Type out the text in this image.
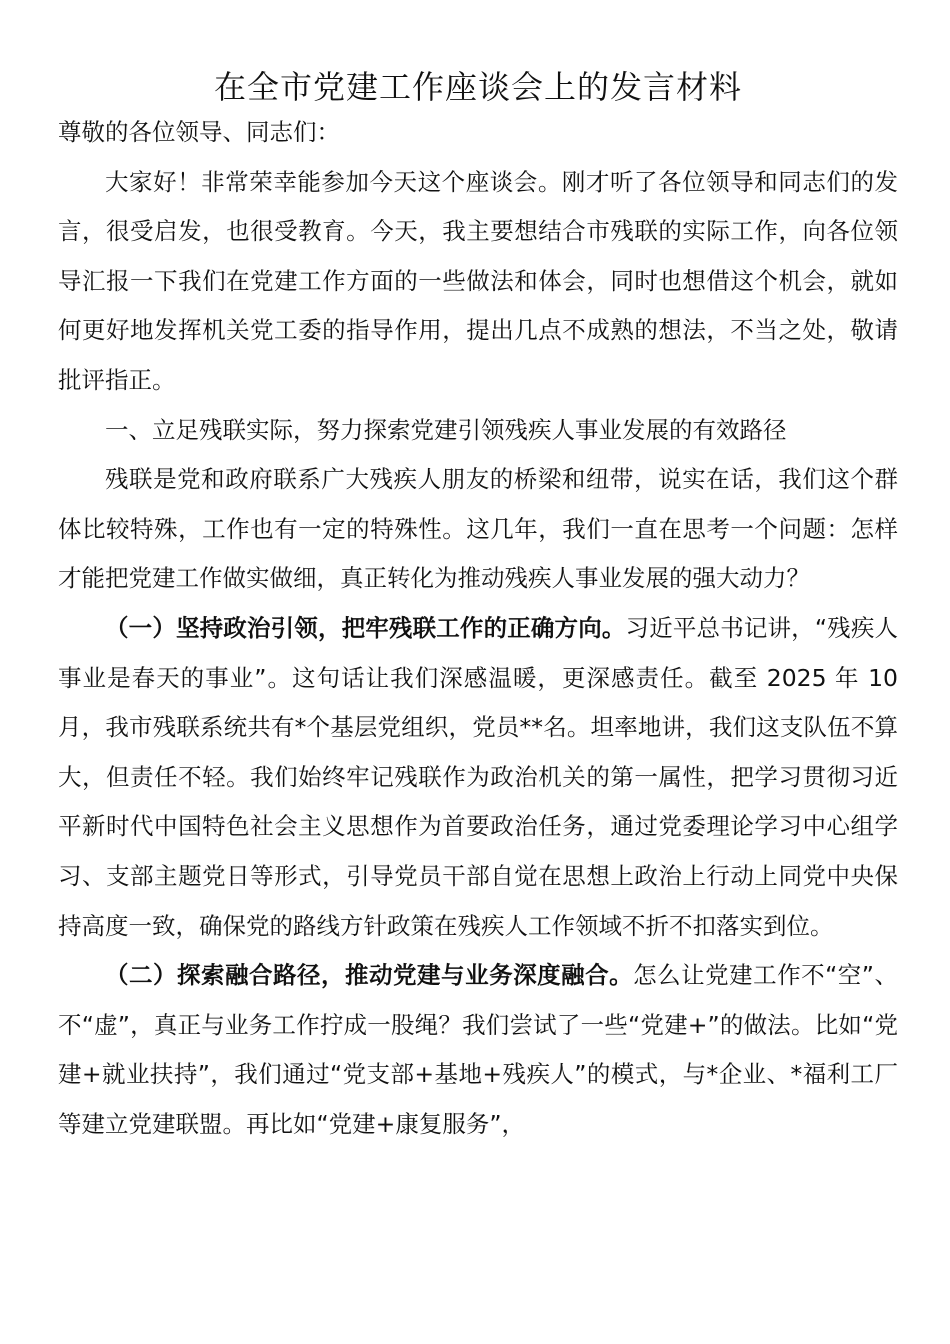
在全市党建工作座谈会上的发言材料

尊敬的各位领导、同志们：

大家好！非常荣幸能参加今天这个座谈会。刚才听了各位领导和同志们的发言，很受启发，也很受教育。今天，我主要想结合市残联的实际工作，向各位领导汇报一下我们在党建工作方面的一些做法和体会，同时也想借这个机会，就如何更好地发挥机关党工委的指导作用，提出几点不成熟的想法，不当之处，敬请批评指正。

一、立足残联实际，努力探索党建引领残疾人事业发展的有效路径

残联是党和政府联系广大残疾人朋友的桥梁和纽带，说实在话，我们这个群体比较特殊，工作也有一定的特殊性。这几年，我们一直在思考一个问题：怎样才能把党建工作做实做细，真正转化为推动残疾人事业发展的强大动力？

（一）坚持政治引领，把牢残联工作的正确方向。习近平总书记讲，“残疾人事业是春天的事业”。这句话让我们深感温暖，更深感责任。截至 2025 年 10 月，我市残联系统共有*个基层党组织，党员**名。坦率地讲，我们这支队伍不算大，但责任不轻。我们始终牢记残联作为政治机关的第一属性，把学习贯彻习近平新时代中国特色社会主义思想作为首要政治任务，通过党委理论学习中心组学习、支部主题党日等形式，引导党员干部自觉在思想上政治上行动上同党中央保持高度一致，确保党的路线方针政策在残疾人工作领域不折不扣落实到位。

（二）探索融合路径，推动党建与业务深度融合。怎么让党建工作不“空”、不“虚”，真正与业务工作拧成一股绳？我们尝试了一些“党建+”的做法。比如“党建+就业扶持”，我们通过“党支部+基地+残疾人”的模式，与*企业、*福利工厂等建立党建联盟。再比如“党建+康复服务”，
